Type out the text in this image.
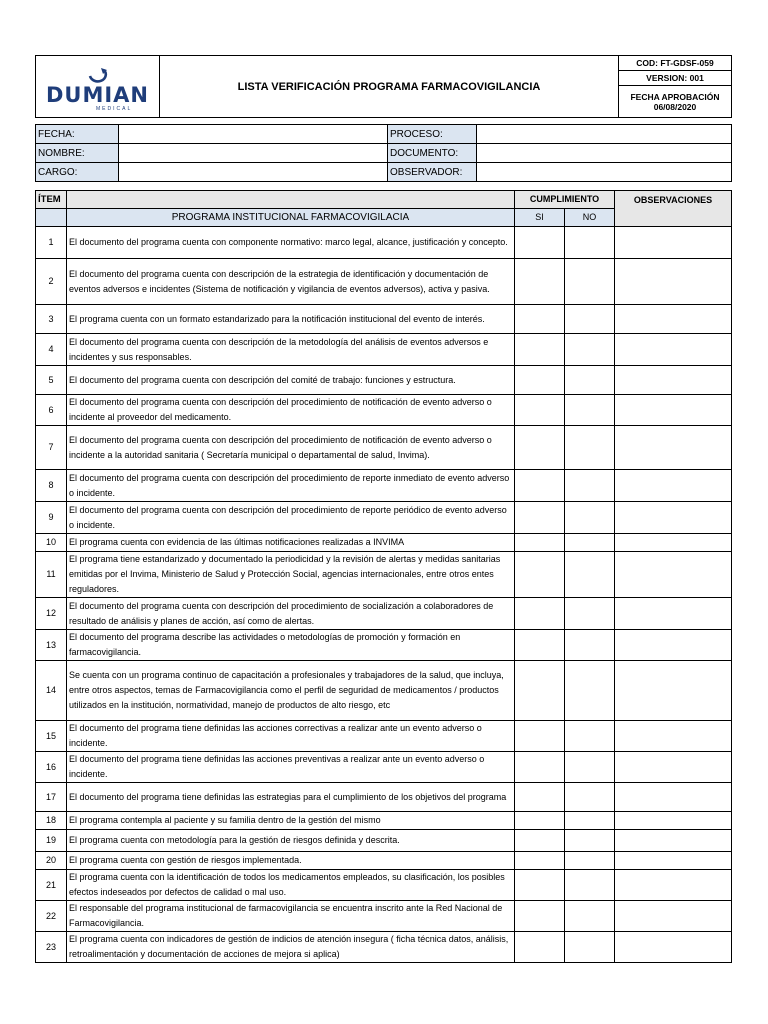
DUMIAN
MEDICAL
	LISTA VERIFICACIÓN PROGRAMA FARMACOVIGILANCIA	COD: FT-GDSF-059
VERSION: 001

FECHA APROBACIÓN
06/08/2020
FECHA:		PROCESO:	
NOMBRE:		DOCUMENTO:	
CARGO:		OBSERVADOR:	
ÍTEM		CUMPLIMIENTO		OBSERVACIONES
	PROGRAMA INSTITUCIONAL FARMACOVIGILACIA	SI	NO	
1	El documento del programa cuenta con componente normativo: marco legal, alcance, justificación y concepto.			
2	El documento del programa cuenta con descripción de la estrategia de identificación y documentación de eventos adversos e incidentes (Sistema de notificación y vigilancia de eventos adversos), activa y pasiva.			
3	El programa cuenta con un formato estandarizado para la notificación institucional del evento de interés.			
4	El documento del programa cuenta con descripción de la metodología del análisis de eventos adversos e incidentes y sus responsables.			
5	El documento del programa cuenta con descripción del comité de trabajo: funciones y estructura.			
6	El documento del programa cuenta con descripción del procedimiento de notificación de evento adverso o incidente al proveedor del medicamento.			
7	El documento del programa cuenta con descripción del procedimiento de notificación de evento adverso o incidente a la autoridad sanitaria ( Secretaría municipal o departamental de salud, Invima).			
8	El documento del programa cuenta con descripción del procedimiento de reporte inmediato de evento adverso o incidente.			
9	El documento del programa cuenta con descripción del procedimiento de reporte periódico de evento adverso o incidente.			
10	El programa cuenta con evidencia de las últimas notificaciones realizadas a INVIMA			
11	El programa tiene estandarizado y documentado la periodicidad y la revisión de alertas y medidas sanitarias emitidas por el Invima, Ministerio de Salud y Protección Social, agencias internacionales, entre otros entes reguladores.			
12	El documento del programa cuenta con descripción del procedimiento de socialización a colaboradores de resultado de análisis y planes de acción, así como de alertas.			
13	El documento del programa describe las actividades o metodologías de promoción y formación en farmacovigilancia.			
14	Se cuenta con un programa continuo de capacitación a profesionales y trabajadores de la salud, que incluya, entre otros aspectos, temas de Farmacovigilancia como el perfil de seguridad de medicamentos / productos utilizados en la institución, normatividad, manejo de productos de alto riesgo, etc			
15	El documento del programa tiene definidas las acciones correctivas a realizar ante un evento adverso o incidente.			
16	El documento del programa tiene definidas las acciones preventivas a realizar ante un evento adverso o incidente.			
17	El documento del programa tiene definidas las estrategias para el cumplimiento de los objetivos del programa			
18	El programa contempla al paciente y su familia dentro de la gestión del mismo			
19	El programa cuenta con metodología para la gestión de riesgos definida y descrita.			
20	El programa cuenta con gestión de riesgos implementada.			
21	El programa cuenta con la identificación de todos los medicamentos empleados, su clasificación, los posibles efectos indeseados por defectos de calidad o mal uso.			
22	El responsable del programa institucional de farmacovigilancia se encuentra inscrito ante la Red Nacional de Farmacovigilancia.			
23	El programa cuenta con indicadores de gestión de indicios de atención insegura ( ficha técnica datos, análisis, retroalimentación y documentación de acciones de mejora si aplica)			
